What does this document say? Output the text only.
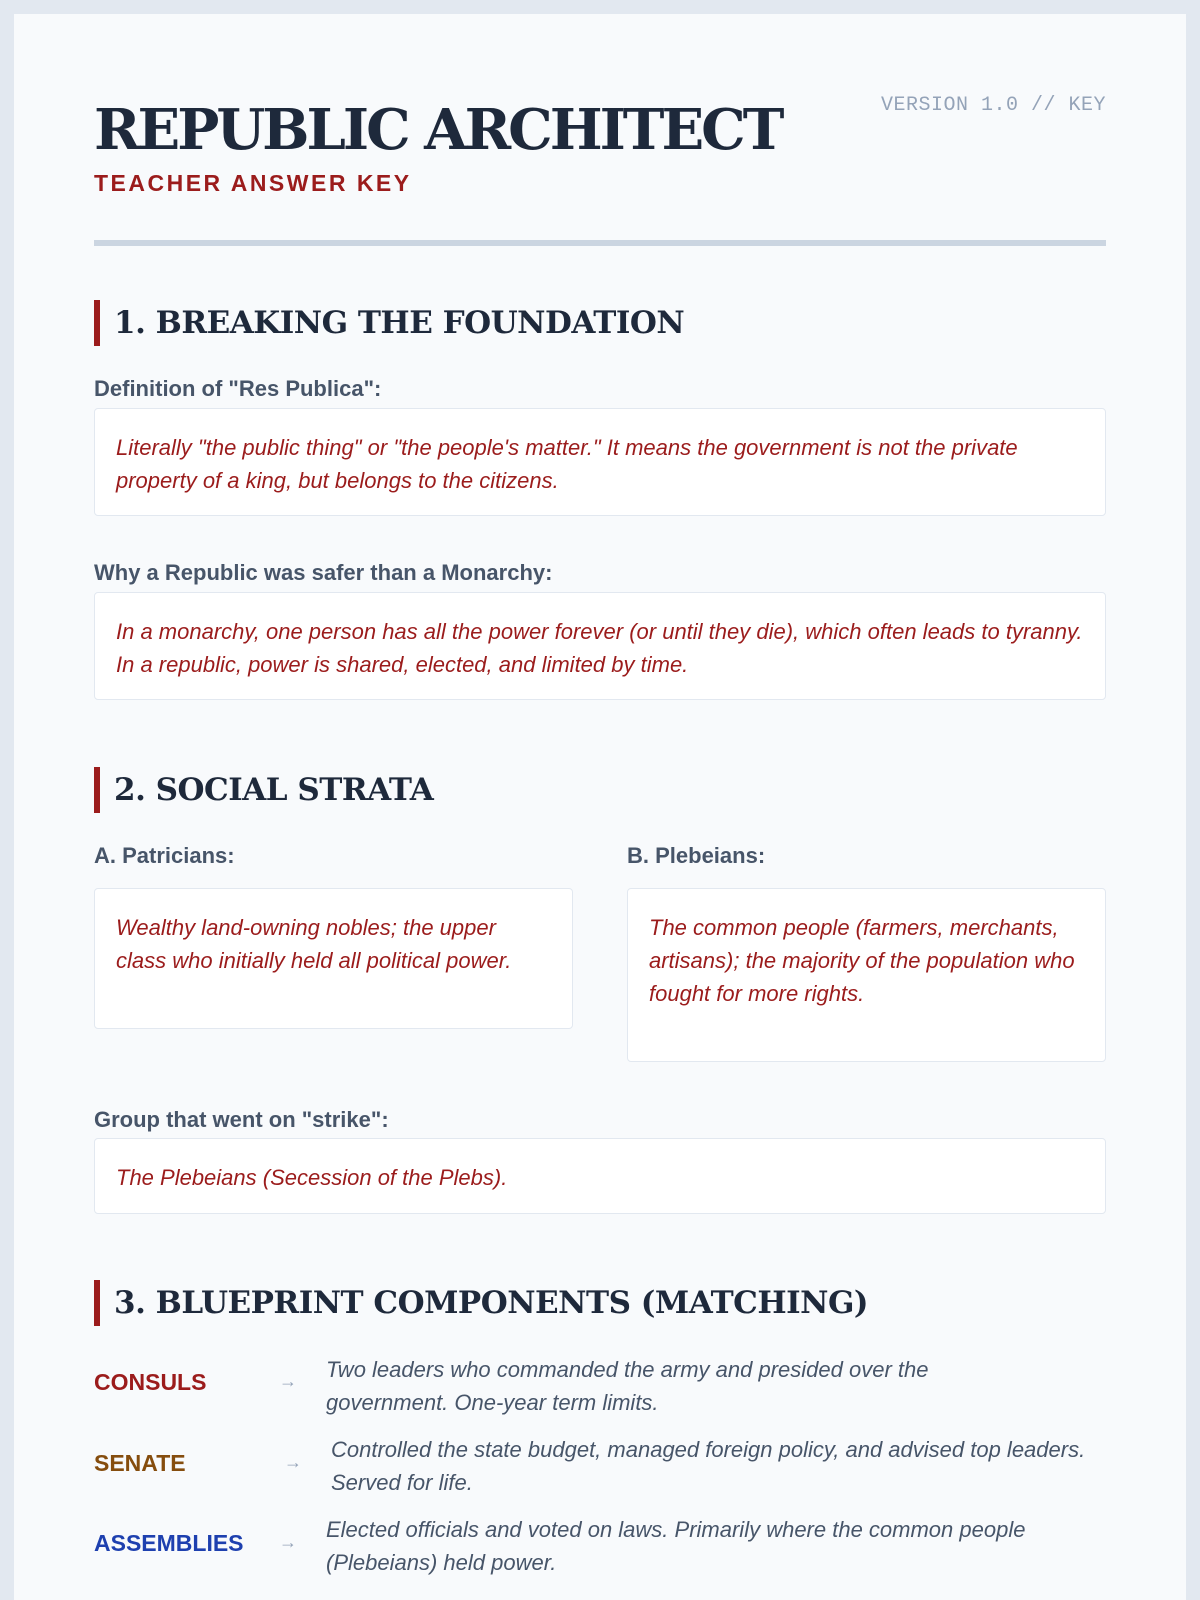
VERSION 1.0 // KEY
REPUBLIC ARCHITECT
TEACHER ANSWER KEY
1. BREAKING THE FOUNDATION
Definition of "Res Publica":
Literally "the public thing" or "the people's matter." It means the government is not the private property of a king, but belongs to the citizens.
Why a Republic was safer than a Monarchy:
In a monarchy, one person has all the power forever (or until they die), which often leads to tyranny. In a republic, power is shared, elected, and limited by time.
2. SOCIAL STRATA
A. Patricians:
Wealthy land-owning nobles; the upper class who initially held all political power.
B. Plebeians:
The common people (farmers, merchants, artisans); the majority of the population who fought for more rights.
Group that went on "strike":
The Plebeians (Secession of the Plebs).
3. BLUEPRINT COMPONENTS (MATCHING)
CONSULS	→ Two leaders who commanded the army and presided over the government. One-year term limits.
SENATE	→ Controlled the state budget, managed foreign policy, and advised top leaders. Served for life.
ASSEMBLIES → Elected officials and voted on laws. Primarily where the common people (Plebeians) held power.
